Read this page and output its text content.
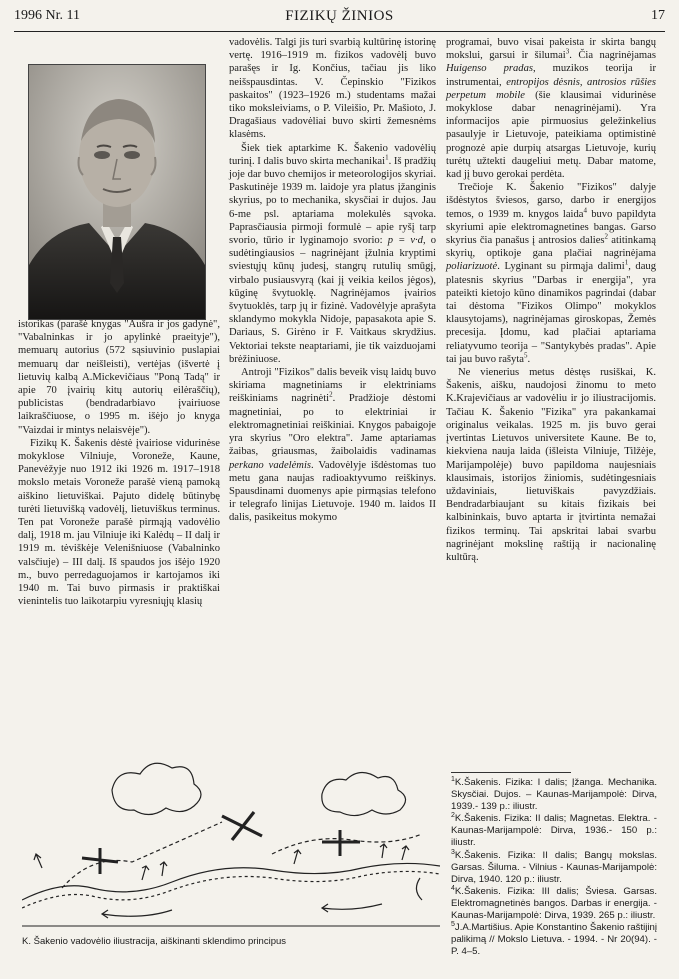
1996 Nr. 11	FIZIKŲ ŽINIOS	17

istorikas (parašė knygas "Aušra ir jos gadynė", "Vabalninkas ir jo apylinkė praeityje"), memuarų autorius (572 sąsiuvinio puslapiai memuarų dar neišleisti), vertėjas (išvertė į lietuvių kalbą A.Mickevičiaus "Poną Tadą" ir apie 70 įvairių kitų autorių eilėraščių), publicistas (bendradarbiavo įvairiuose laikraščiuose, o 1995 m. išėjo jo knyga "Vaizdai ir mintys nelaisvėje").

Fizikų K. Šakenis dėstė įvairiose vidurinėse mokyklose Vilniuje, Voroneže, Kaune, Panevėžyje nuo 1912 iki 1926 m. 1917–1918 mokslo metais Voroneže parašė vieną pamoką aiškino lietuviškai. Pajuto didelę būtinybę turėti lietuvišką vadovėlį, lietuviškus terminus. Ten pat Voroneže parašė pirmąją vadovėlio dalį, 1918 m. jau Vilniuje iki Kalėdų – II dalį ir 1919 m. tėviškėje Velenišniuose (Vabalninko valsčiuje) – III dalį. Iš spaudos jos išėjo 1920 m., buvo perredaguojamos ir kartojamos iki 1940 m. Tai buvo pirmasis ir praktiškai vienintelis tuo laikotarpiu vyresniųjų klasių

vadovėlis. Talgi jis turi svarbią kultūrinę istorinę vertę. 1916–1919 m. fizikos vadovėlį buvo parašęs ir Ig. Končius, tačiau jis liko neišspausdintas. V. Čepinskio "Fizikos paskaitos" (1923–1926 m.) studentams mažai tiko moksleiviams, o P. Vileišio, Pr. Mašioto, J. Dragašiaus vadovėliai buvo skirti žemesnėms klasėms.

Šiek tiek aptarkime K. Šakenio vadovėlių turinį. I dalis buvo skirta mechanikai$^1$. Iš pradžių joje dar buvo chemijos ir meteorologijos skyriai. Paskutinėje 1939 m. laidoje yra platus įžanginis skyrius, po to mechanika, skysčiai ir dujos. Jau 6-me psl. aptariama molekulės sąvoka. Paprasčiausia pirmoji formulė – apie ryšį tarp svorio, tūrio ir lyginamojo svorio: p = v·d, o sudėtingiausios – nagrinėjant įžulnia kryptimi sviestųjų kūnų judesį, stangrų rutulių smūgį, virbalo pusiausvyrą (kai jį veikia keilos jėgos), kūginę švytuoklę. Nagrinėjamos įvairios švytuoklės, tarp jų ir fizinė. Vadovėlyje aprašyta sklandymo mokykla Nidoje, papasakota apie S. Dariaus, S. Girėno ir F. Vaitkaus skrydžius. Vektoriai tekste neaptariami, jie tik vaizduojami brėžiniuose.

Antroji "Fizikos" dalis beveik visų laidų buvo skiriama magnetiniams ir elektriniams reiškiniams nagrinėti$^2$. Pradžioje dėstomi magnetiniai, po to elektriniai ir elektromagnetiniai reiškiniai. Knygos pabaigoje yra skyrius "Oro elektra". Jame aptariamas žaibas, griausmas, žaibolaidis vadinamas perkano vadelėmis. Vadovėlyje išdėstomas tuo metu gana naujas radioaktyvumo reiškinys. Spausdinami duomenys apie pirmąsias telefono ir telegrafo linijas Lietuvoje. 1940 m. laidos II dalis, pasikeitus mokymo

programai, buvo visai pakeista ir skirta bangų mokslui, garsui ir šilumai$^3$. Čia nagrinėjamas Huigenso pradas, muzikos teorija ir instrumentai, entropijos dėsnis, antrosios rūšies perpetum mobile (šie klausimai vidurinėse mokyklose dabar nenagrinėjami). Yra informacijos apie pirmuosius geležinkelius pasaulyje ir Lietuvoje, pateikiama optimistinė prognozė apie durpių atsargas Lietuvoje, kurių turėtų užtekti daugeliui metų. Dabar matome, kad jį buvo gerokai perdėta.

Trečioje K. Šakenio "Fizikos" dalyje išdėstytos šviesos, garso, darbo ir energijos temos, o 1939 m. knygos laida$^4$ buvo papildyta skyriumi apie elektromagnetines bangas. Garso skyrius čia panašus į antrosios dalies$^2$ atitinkamą skyrių, optikoje gana plačiai nagrinėjama poliarizuotė. Lyginant su pirmąja dalimi$^1$, daug platesnis skyrius "Darbas ir energija", yra pateikti kietojo kūno dinamikos pagrindai (dabar tai dėstoma "Fizikos Olimpo" mokyklos klausytojams), nagrinėjamas giroskopas, Žemės precesija. Įdomu, kad plačiai aptariama reliatyvumo teorija – "Santykybės pradas". Apie tai jau buvo rašyta$^5$.

Ne vienerius metus dėstęs rusiškai, K. Šakenis, aišku, naudojosi žinomu to meto K.Krajevičiaus ar vadovėliu ir jo iliustracijomis. Tačiau K. Šakenio "Fizika" yra pakankamai originalus veikalas. 1925 m. jis buvo gerai įvertintas Lietuvos universitete Kaune. Be to, kiekviena nauja laida (išleista Vilniuje, Tilžėje, Marijampolėje) buvo papildoma naujesniais klausimais, istorijos žiniomis, sudėtingesniais uždaviniais, lietuviškais pavyzdžiais. Bendradarbiaujant su kitais fizikais bei kalbininkais, buvo aptarta ir įtvirtinta nemažai fizikos terminų. Tai apskritai labai svarbu nagrinėjant mokslinę raštiją ir nacionalinę kultūrą.

K. Šakenio vadovėlio iliustracija, aiškinanti sklendimo principus

$^1$K.Šakenis. Fizika: I dalis; Įžanga. Mechanika. Skysčiai. Dujos. – Kaunas-Marijampolė: Dirva, 1939.- 139 p.: iliustr.

$^2$K.Šakenis. Fizika: II dalis; Magnetas. Elektra. - Kaunas-Marijampolė: Dirva, 1936.- 150 p.: iliustr.

$^3$K.Šakenis. Fizika: II dalis; Bangų mokslas. Garsas. Šiluma. - Vilnius - Kaunas-Marijampolė: Dirva, 1940. 120 p.: iliustr.

$^4$K.Šakenis. Fizika: III dalis; Šviesa. Garsas. Elektromagnetinės bangos. Darbas ir energija. - Kaunas-Marijampolė: Dirva, 1939. 265 p.: iliustr.

$^5$J.A.Martišius. Apie Konstantino Šakenio raštijinį palikimą // Mokslo Lietuva. - 1994. - Nr 20(94). - P. 4–5.
